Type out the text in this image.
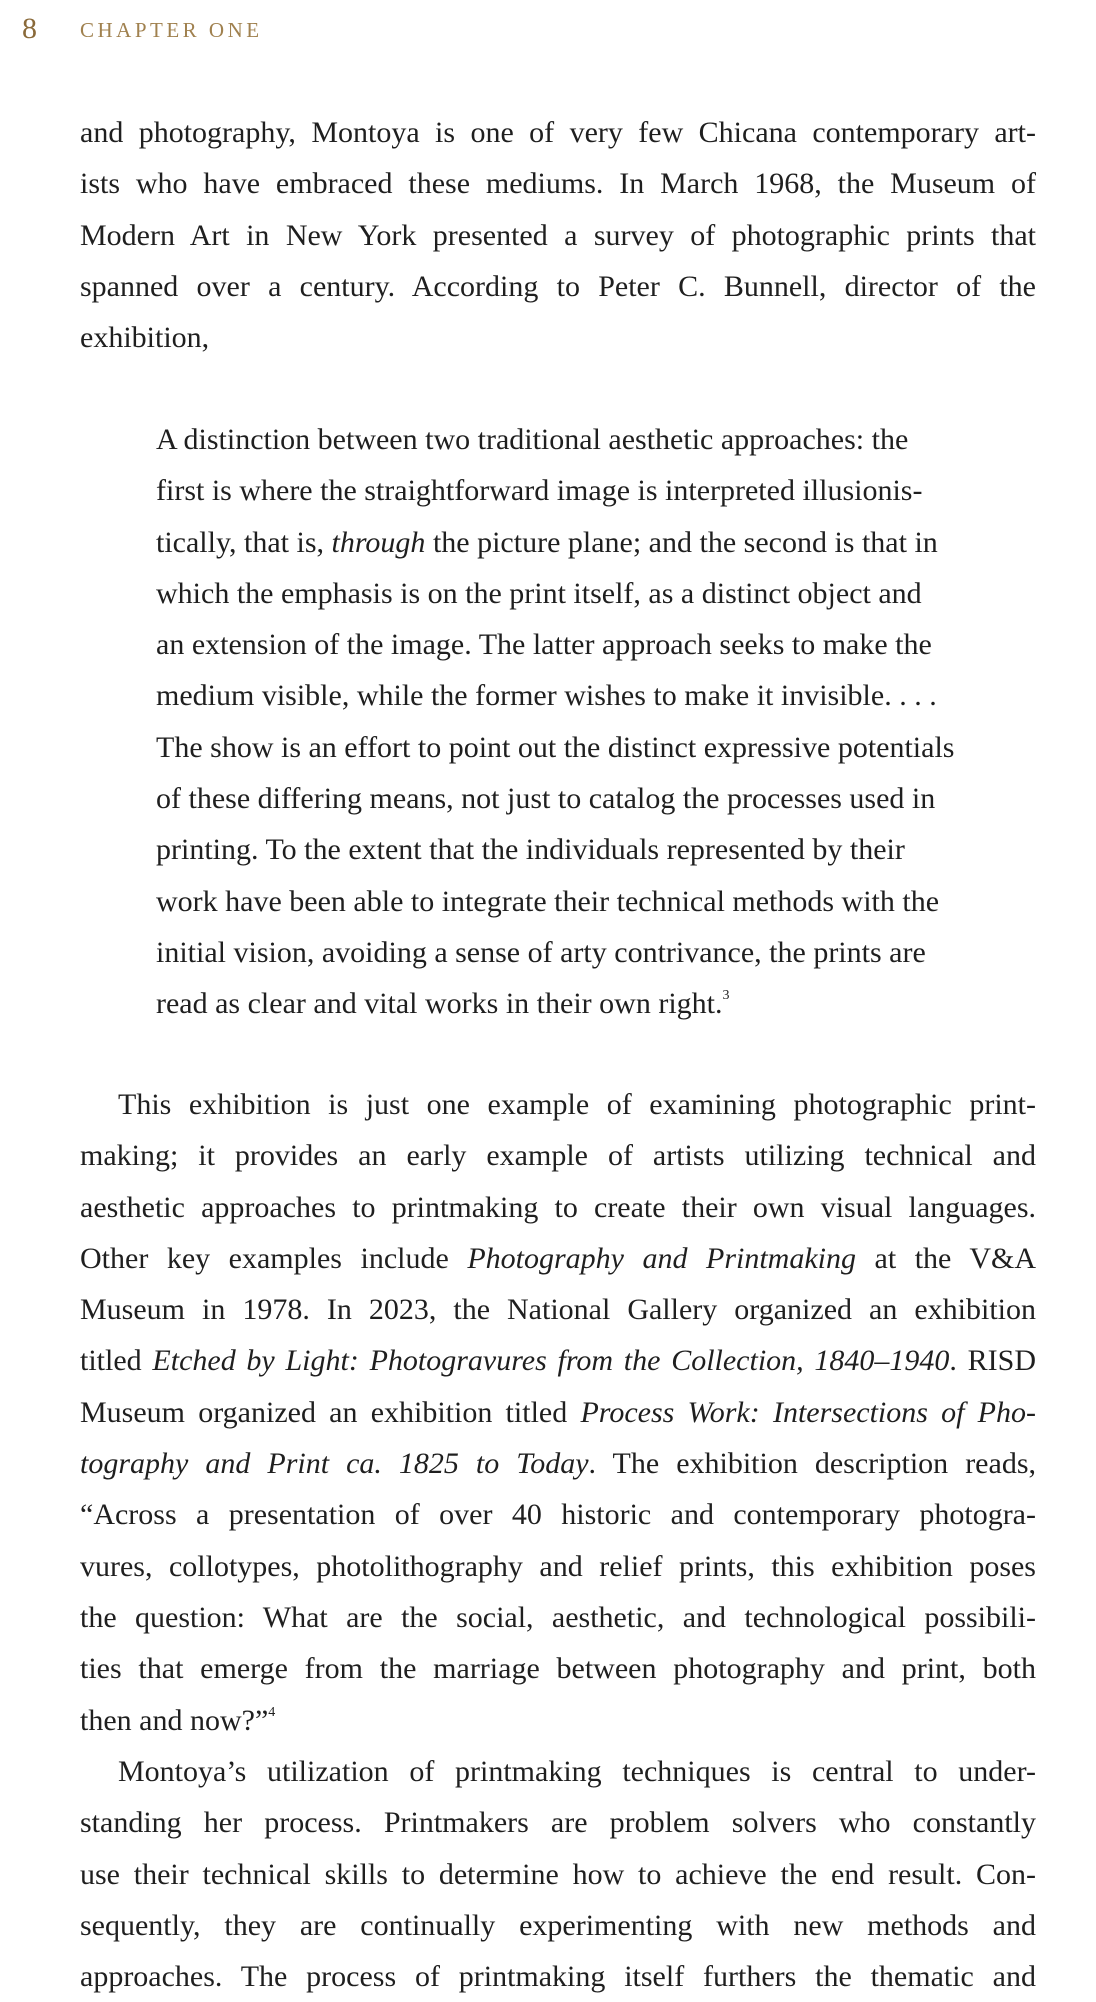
8 CHAPTER ONE
and photography, Montoya is one of very few Chicana contemporary art-
ists who have embraced these mediums. In March 1968, the Museum of
Modern Art in New York presented a survey of photographic prints that
spanned over a century. According to Peter C. Bunnell, director of the
exhibition,
A distinction between two traditional aesthetic approaches: the
first is where the straightforward image is interpreted illusionis-
tically, that is, through the picture plane; and the second is that in
which the emphasis is on the print itself, as a distinct object and
an extension of the image. The latter approach seeks to make the
medium visible, while the former wishes to make it invisible. . . .
The show is an effort to point out the distinct expressive potentials
of these differing means, not just to catalog the processes used in
printing. To the extent that the individuals represented by their
work have been able to integrate their technical methods with the
initial vision, avoiding a sense of arty contrivance, the prints are
read as clear and vital works in their own right.$^3$
This exhibition is just one example of examining photographic print-
making; it provides an early example of artists utilizing technical and
aesthetic approaches to printmaking to create their own visual languages.
Other key examples include Photography and Printmaking at the V&A
Museum in 1978. In 2023, the National Gallery organized an exhibition
titled Etched by Light: Photogravures from the Collection, 1840–1940. RISD
Museum organized an exhibition titled Process Work: Intersections of Pho-
tography and Print ca. 1825 to Today. The exhibition description reads,
“Across a presentation of over 40 historic and contemporary photogra-
vures, collotypes, photolithography and relief prints, this exhibition poses
the question: What are the social, aesthetic, and technological possibili-
ties that emerge from the marriage between photography and print, both
then and now?”$^4$
Montoya’s utilization of printmaking techniques is central to under-
standing her process. Printmakers are problem solvers who constantly
use their technical skills to determine how to achieve the end result. Con-
sequently, they are continually experimenting with new methods and
approaches. The process of printmaking itself furthers the thematic and
